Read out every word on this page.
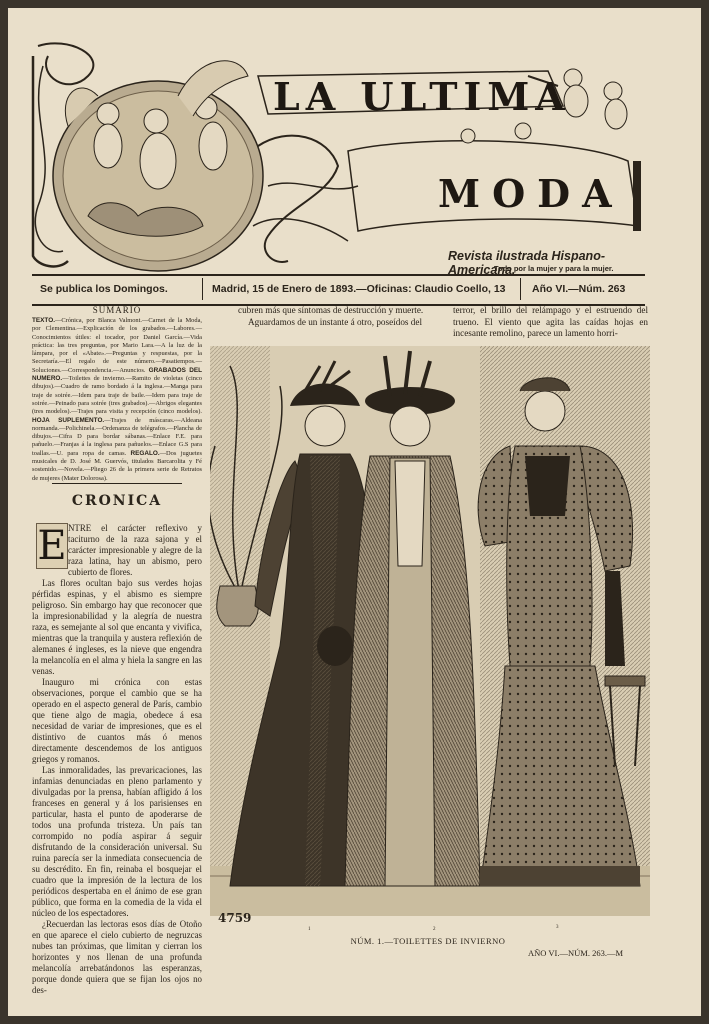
LA ULTIMA
MODA
Revista ilustrada Hispano-Americana.
Todo por la mujer y para la mujer.
Se publica los Domingos.	Madrid, 15 de Enero de 1893.—Oficinas: Claudio Coello, 13	Año VI.—Núm. 263
SUMARIO
TEXTO.—Crónica, por Blanca Valmont.—Carnet de la Moda, por Clementina.—Explicación de los grabados.—Labores.—Conocimientos útiles: el tocador, por Daniel García.—Vida práctica: las tres preguntas, por Mario Lara.—A la luz de la lámpara, por el «Abate».—Preguntas y respuestas, por la Secretaría.—El regalo de este número.—Pasatiempos.—Soluciones.—Correspondencia.—Anuncios. GRABADOS DEL NUMERO.—Toilettes de invierno.—Ramito de violetas (cinco dibujos).—Cuadro de ramo bordado á la inglesa.—Manga para traje de soirée.—Idem para traje de baile.—Idem para traje de soirée.—Peinado para soirée (tres grabados).—Abrigos elegantes (tres modelos).—Trajes para visita y recepción (cinco modelos). HOJA SUPLEMENTO.—Trajes de máscaras.—Aldeana normanda.—Polichinela.—Ordenanza de telégrafos.—Plancha de dibujos.—Cifra D para bordar sábanas.—Enlace F.E. para pañuelo.—Franjas á la inglesa para pañuelos.—Enlace G.S para toallas.—U. para ropa de camas. REGALO.—Dos juguetes musicales de D. José M. Guervós, titulados Barcarolita y Fé sostenido.—Novela.—Pliego 26 de la primera serie de Retratos de mujeres (Mater Dolorosa).
CRONICA
E NTRE el carácter reflexivo y taciturno de la raza sajona y el carácter impresionable y alegre de la raza latina, hay un abismo, pero cubierto de flores.

Las flores ocultan bajo sus verdes hojas pérfidas espinas, y el abismo es siempre peligroso. Sin embargo hay que reconocer que la impresionabilidad y la alegría de nuestra raza, es semejante al sol que encanta y vivifica, mientras que la tranquila y austera reflexión de alemanes é ingleses, es la nieve que engendra la melancolía en el alma y hiela la sangre en las venas.

Inauguro mi crónica con estas observaciones, porque el cambio que se ha operado en el aspecto general de París, cambio que tiene algo de magia, obedece á esa necesidad de variar de impresiones, que es el distintivo de cuantos más ó menos directamente descendemos de los antiguos griegos y romanos.

Las inmoralidades, las prevaricaciones, las infamias denunciadas en pleno parlamento y divulgadas por la prensa, habían afligido á los franceses en general y á los parisienses en particular, hasta el punto de apoderarse de todos una profunda tristeza. Un país tan corrompido no podía aspirar á seguir disfrutando de la consideración universal. Su ruina parecía ser la inmediata consecuencia de su descrédito. En fin, reinaba el bosquejar el cuadro que la impresión de la lectura de los periódicos despertaba en el ánimo de ese gran público, que forma en la comedia de la vida el núcleo de los espectadores.

¿Recuerdan las lectoras esos días de Otoño en que aparece el cielo cubierto de negruzcas nubes tan próximas, que limitan y cierran los horizontes y nos llenan de una profunda melancolía arrebatándonos las esperanzas, porque donde quiera que se fijan los ojos no des-

cubren más que síntomas de destrucción y muerte.

Aguardamos de un instante á otro, poseídos del

terror, el brillo del relámpago y el estruendo del trueno. El viento que agita las caídas hojas en incesante remolino, parece un lamento horri-

1	2	3
4759
NÚM. 1.—TOILETTES DE INVIERNO
AÑO VI.—NÚM. 263.—M
